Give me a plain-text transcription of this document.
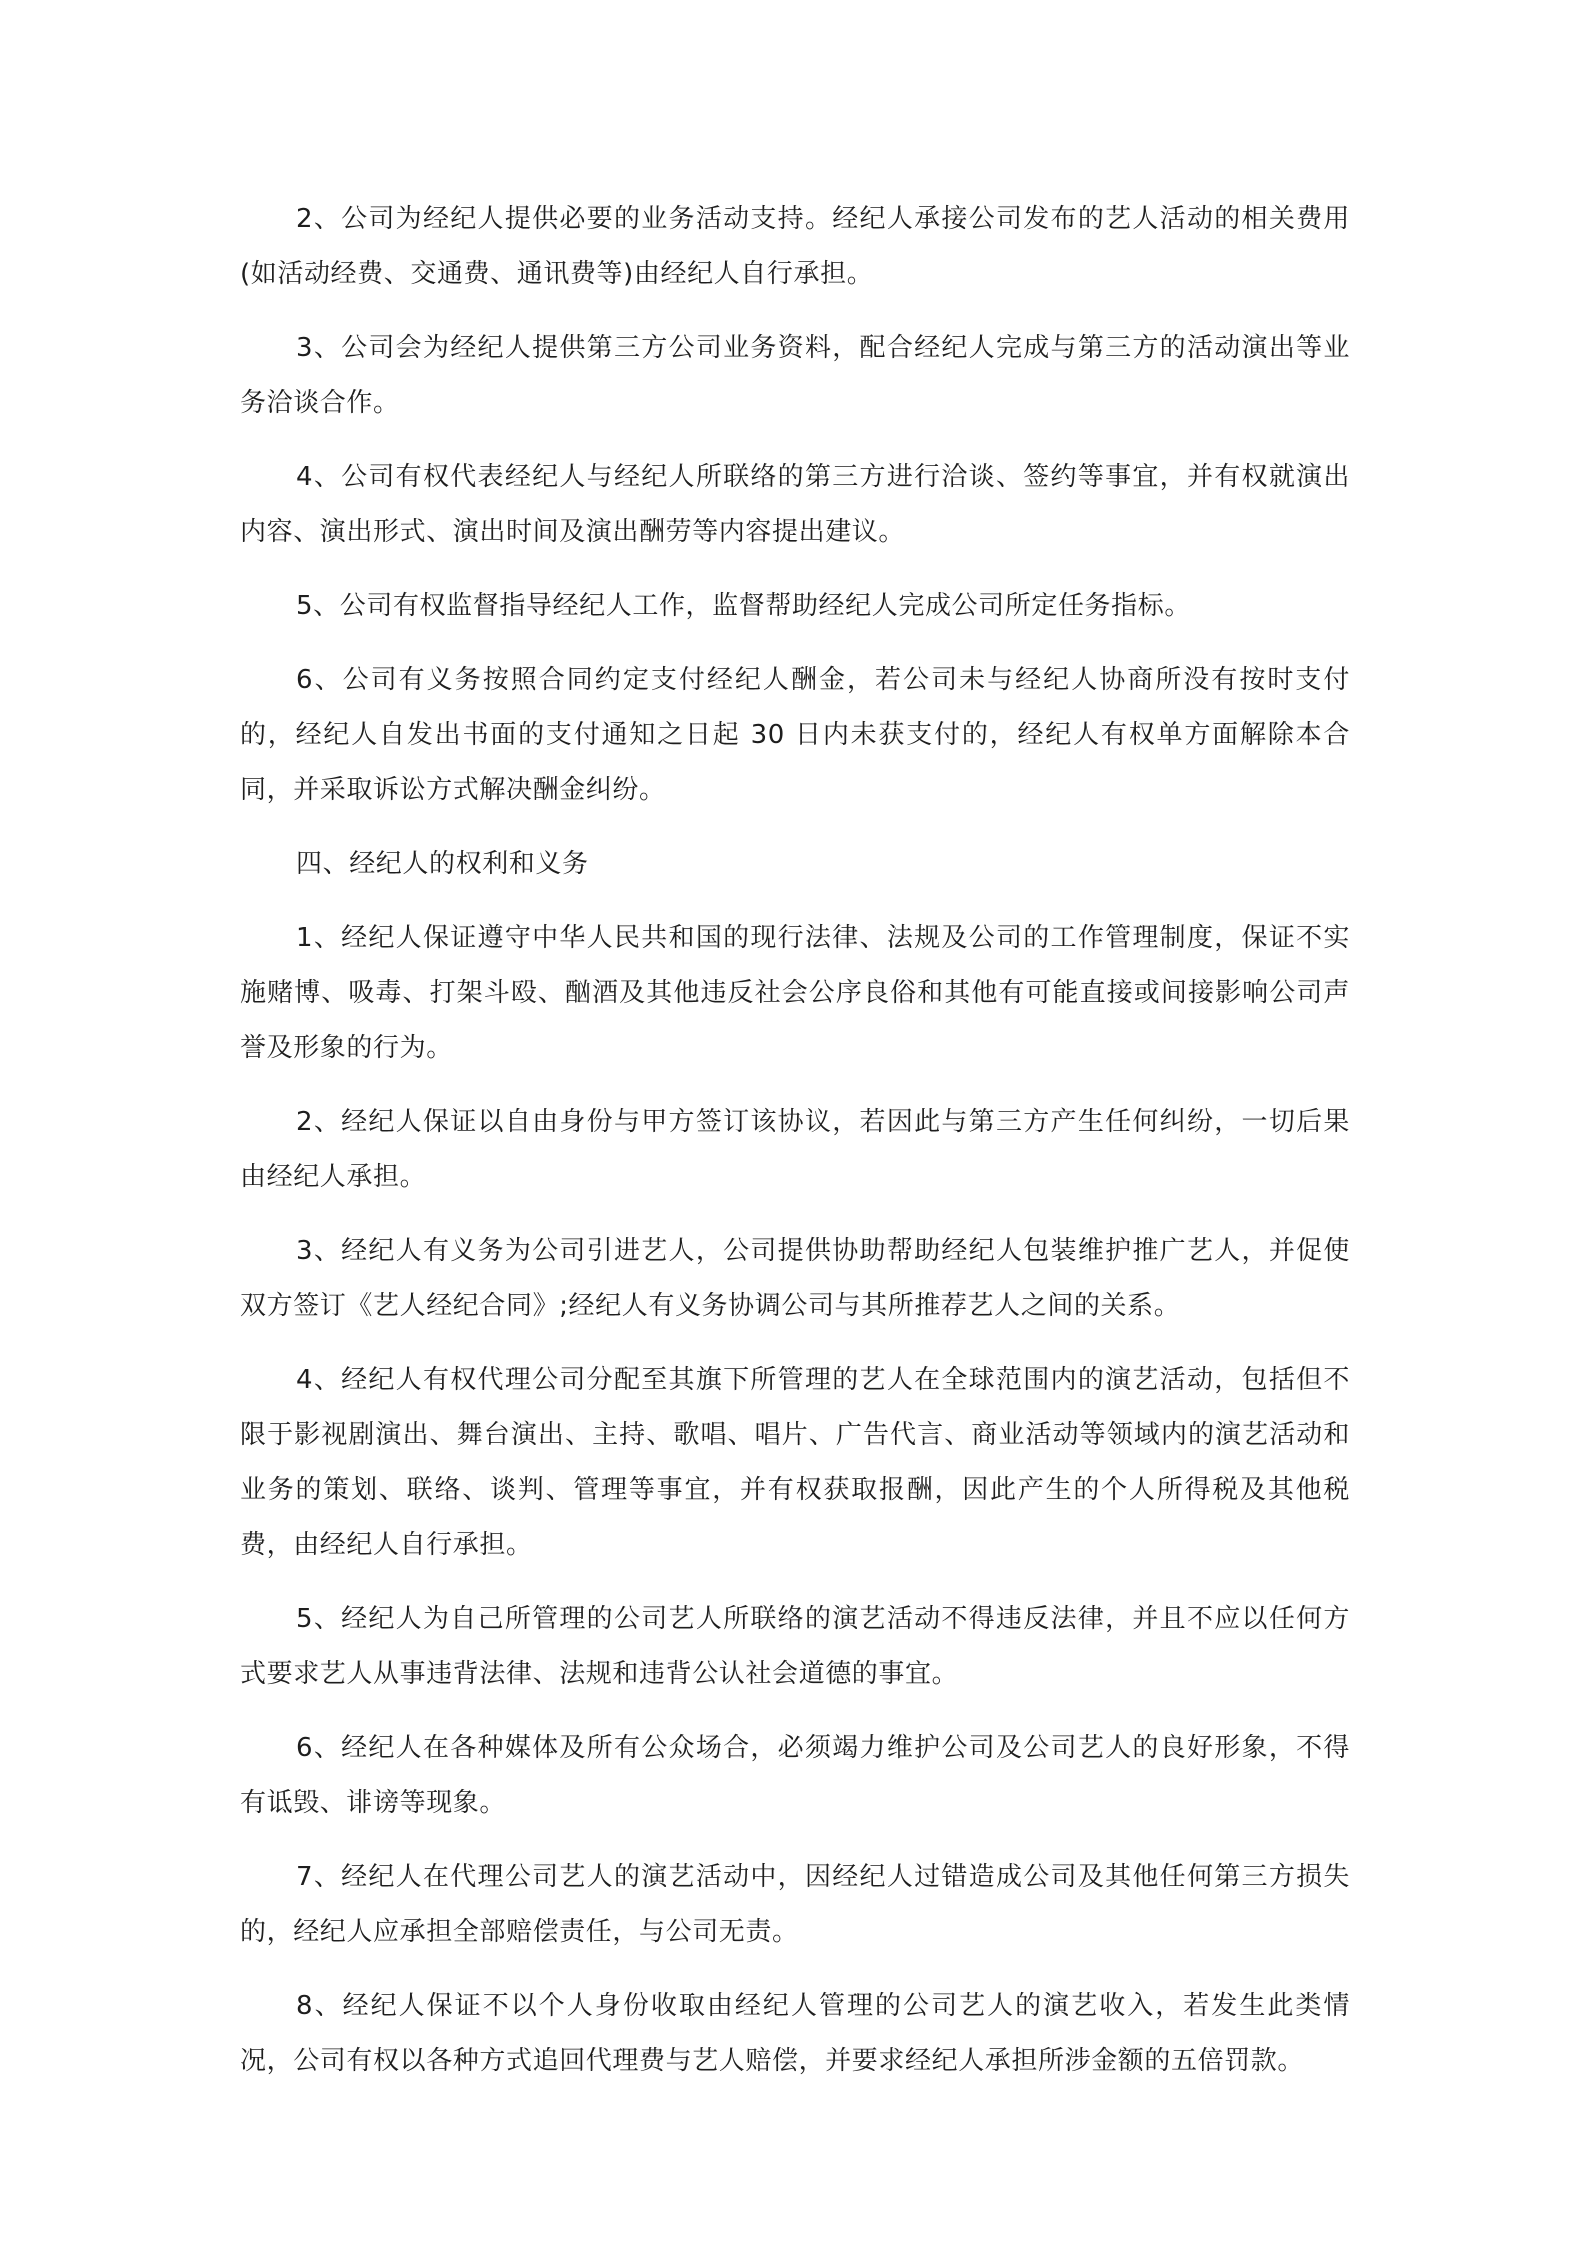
2、公司为经纪人提供必要的业务活动支持。经纪人承接公司发布的艺人活动的相关费用(如活动经费、交通费、通讯费等)由经纪人自行承担。

3、公司会为经纪人提供第三方公司业务资料，配合经纪人完成与第三方的活动演出等业务洽谈合作。

4、公司有权代表经纪人与经纪人所联络的第三方进行洽谈、签约等事宜，并有权就演出内容、演出形式、演出时间及演出酬劳等内容提出建议。

5、公司有权监督指导经纪人工作，监督帮助经纪人完成公司所定任务指标。

6、公司有义务按照合同约定支付经纪人酬金，若公司未与经纪人协商所没有按时支付的，经纪人自发出书面的支付通知之日起 30 日内未获支付的，经纪人有权单方面解除本合同，并采取诉讼方式解决酬金纠纷。

四、经纪人的权利和义务

1、经纪人保证遵守中华人民共和国的现行法律、法规及公司的工作管理制度，保证不实施赌博、吸毒、打架斗殴、酗酒及其他违反社会公序良俗和其他有可能直接或间接影响公司声誉及形象的行为。

2、经纪人保证以自由身份与甲方签订该协议，若因此与第三方产生任何纠纷，一切后果由经纪人承担。

3、经纪人有义务为公司引进艺人，公司提供协助帮助经纪人包装维护推广艺人，并促使双方签订《艺人经纪合同》;经纪人有义务协调公司与其所推荐艺人之间的关系。

4、经纪人有权代理公司分配至其旗下所管理的艺人在全球范围内的演艺活动，包括但不限于影视剧演出、舞台演出、主持、歌唱、唱片、广告代言、商业活动等领域内的演艺活动和业务的策划、联络、谈判、管理等事宜，并有权获取报酬，因此产生的个人所得税及其他税费，由经纪人自行承担。

5、经纪人为自己所管理的公司艺人所联络的演艺活动不得违反法律，并且不应以任何方式要求艺人从事违背法律、法规和违背公认社会道德的事宜。

6、经纪人在各种媒体及所有公众场合，必须竭力维护公司及公司艺人的良好形象，不得有诋毁、诽谤等现象。

7、经纪人在代理公司艺人的演艺活动中，因经纪人过错造成公司及其他任何第三方损失的，经纪人应承担全部赔偿责任，与公司无责。

8、经纪人保证不以个人身份收取由经纪人管理的公司艺人的演艺收入，若发生此类情况，公司有权以各种方式追回代理费与艺人赔偿，并要求经纪人承担所涉金额的五倍罚款。
